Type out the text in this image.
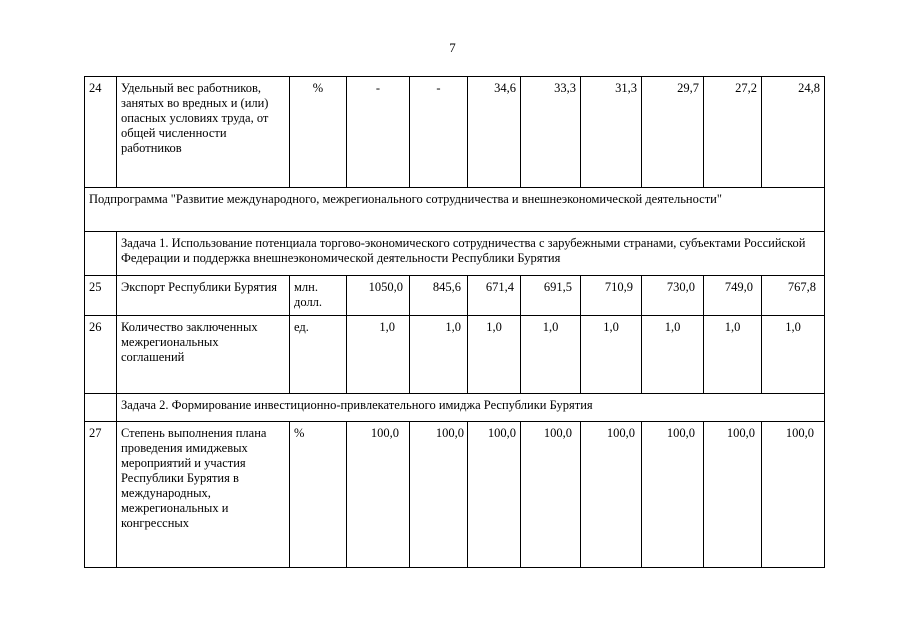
7
24	Удельный вес работников, занятых во вредных и (или) опасных условиях труда, от общей численности работников	%	-	-	34,6	33,3	31,3	29,7	27,2	24,8
Подпрограмма "Развитие международного, межрегионального сотрудничества и внешнеэкономической деятельности"										
	Задача 1. Использование потенциала торгово-экономического сотрудничества с зарубежными странами, субъектами Российской Федерации и поддержка внешнеэкономической деятельности Республики Бурятия									
25	Экспорт Республики Бурятия	млн. долл.	1050,0	845,6	671,4	691,5	710,9	730,0	749,0	767,8
26	Количество заключенных межрегиональных соглашений	ед.	1,0	1,0	1,0	1,0	1,0	1,0	1,0	1,0
	Задача 2. Формирование инвестиционно-привлекательного имиджа Республики Бурятия									
27	Степень выполнения плана проведения имиджевых мероприятий и участия Республики Бурятия в международных, межрегиональных и конгрессных	%	100,0	100,0	100,0	100,0	100,0	100,0	100,0	100,0
